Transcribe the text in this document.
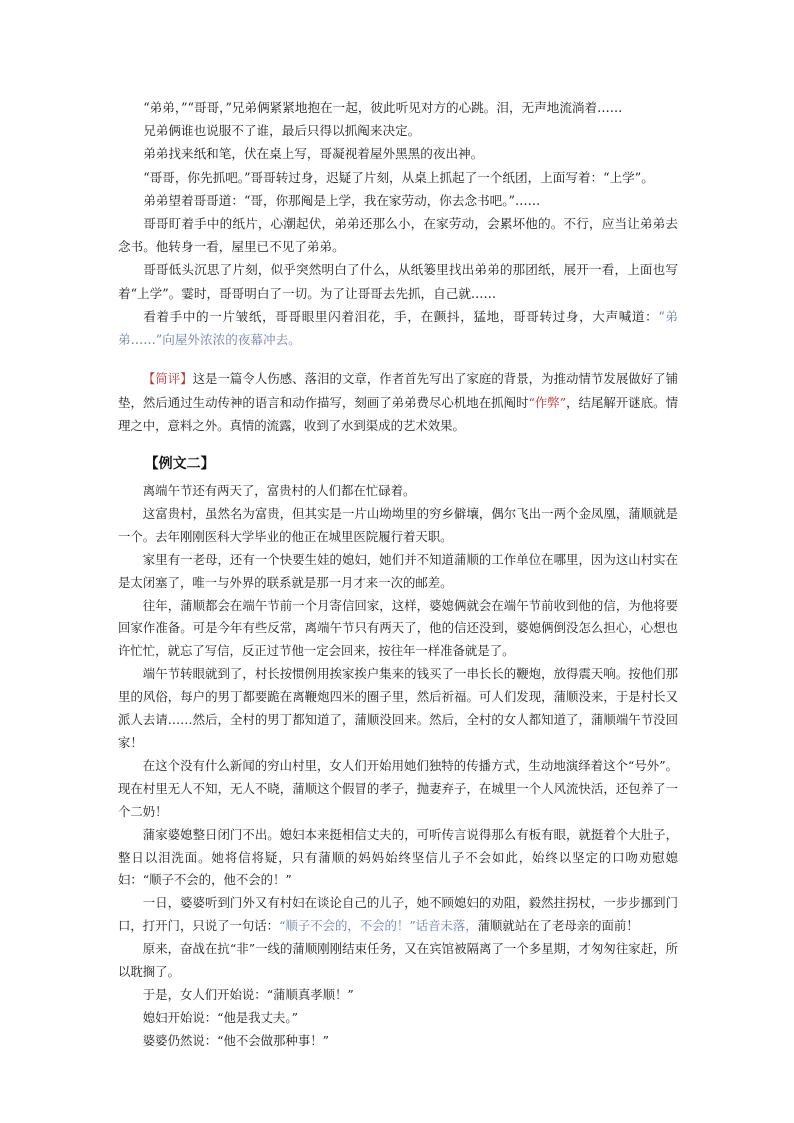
“弟弟，”“哥哥，”兄弟俩紧紧地抱在一起，彼此听见对方的心跳。泪，无声地流淌着……

兄弟俩谁也说服不了谁，最后只得以抓阄来决定。

弟弟找来纸和笔，伏在桌上写，哥凝视着屋外黑黑的夜出神。

“哥哥，你先抓吧。”哥哥转过身，迟疑了片刻，从桌上抓起了一个纸团，上面写着：“上学”。

弟弟望着哥哥道：“哥，你那阄是上学，我在家劳动，你去念书吧。”……

哥哥盯着手中的纸片，心潮起伏，弟弟还那么小，在家劳动，会累坏他的。不行，应当让弟弟去念书。他转身一看，屋里已不见了弟弟。

哥哥低头沉思了片刻，似乎突然明白了什么，从纸篓里找出弟弟的那团纸，展开一看，上面也写着“上学”。霎时，哥哥明白了一切。为了让哥哥去先抓，自己就……

看着手中的一片皱纸，哥哥眼里闪着泪花，手，在颤抖，猛地，哥哥转过身，大声喊道：“弟弟……”向屋外浓浓的夜幕冲去。

【简评】这是一篇令人伤感、落泪的文章，作者首先写出了家庭的背景，为推动情节发展做好了铺垫，然后通过生动传神的语言和动作描写，刻画了弟弟费尽心机地在抓阄时“作弊”，结尾解开谜底。情理之中，意料之外。真情的流露，收到了水到渠成的艺术效果。

【例文二】

离端午节还有两天了，富贵村的人们都在忙碌着。

这富贵村，虽然名为富贵，但其实是一片山坳坳里的穷乡僻壤，偶尔飞出一两个金凤凰，蒲顺就是一个。去年刚刚医科大学毕业的他正在城里医院履行着天职。

家里有一老母，还有一个快要生娃的媳妇，她们并不知道蒲顺的工作单位在哪里，因为这山村实在是太闭塞了，唯一与外界的联系就是那一月才来一次的邮差。

往年，蒲顺都会在端午节前一个月寄信回家，这样，婆媳俩就会在端午节前收到他的信，为他将要回家作准备。可是今年有些反常，离端午节只有两天了，他的信还没到，婆媳俩倒没怎么担心，心想也许忙忙，就忘了写信，反正过节他一定会回来，按往年一样准备就是了。

端午节转眼就到了，村长按惯例用挨家挨户集来的钱买了一串长长的鞭炮，放得震天响。按他们那里的风俗，每户的男丁都要跪在离鞭炮四米的圈子里，然后祈福。可人们发现，蒲顺没来，于是村长又派人去请……然后，全村的男丁都知道了，蒲顺没回来。然后，全村的女人都知道了，蒲顺端午节没回家！

在这个没有什么新闻的穷山村里，女人们开始用她们独特的传播方式，生动地演绎着这个“号外”。现在村里无人不知，无人不晓，蒲顺这个假冒的孝子，抛妻弃子，在城里一个人风流快活，还包养了一个二奶！

蒲家婆媳整日闭门不出。媳妇本来挺相信丈夫的，可听传言说得那么有板有眼，就挺着个大肚子，整日以泪洗面。她将信将疑，只有蒲顺的妈妈始终坚信儿子不会如此，始终以坚定的口吻劝慰媳妇：“顺子不会的，他不会的！”

一日，婆婆听到门外又有村妇在谈论自己的儿子，她不顾媳妇的劝阻，毅然拄拐杖，一步步挪到门口，打开门，只说了一句话：“顺子不会的，不会的！”话音未落，蒲顺就站在了老母亲的面前！

原来，奋战在抗“非”一线的蒲顺刚刚结束任务，又在宾馆被隔离了一个多星期，才匆匆往家赶，所以耽搁了。

于是，女人们开始说：“蒲顺真孝顺！”

媳妇开始说：“他是我丈夫。”

婆婆仍然说：“他不会做那种事！”
